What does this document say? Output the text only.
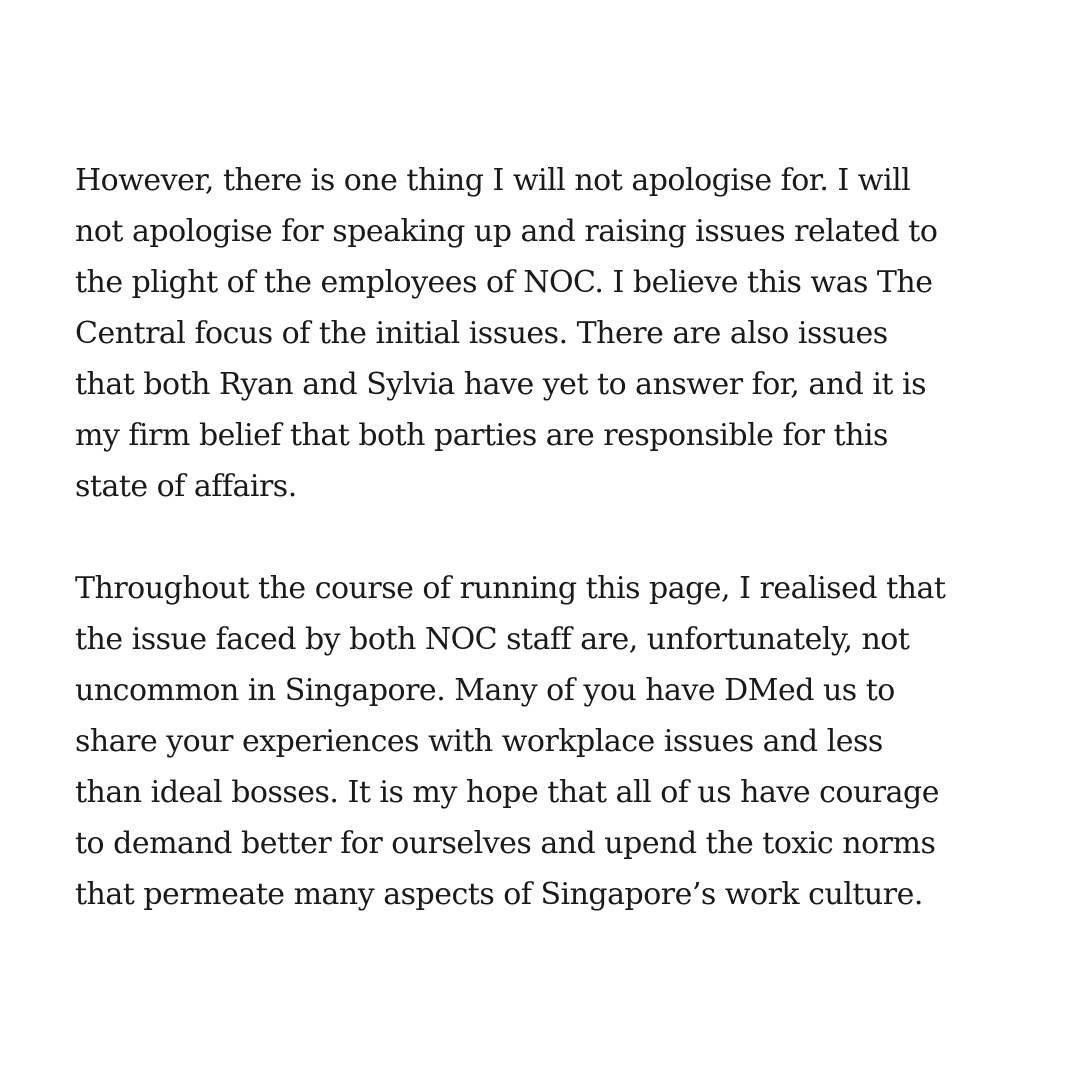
However, there is one thing I will not apologise for. I will
not apologise for speaking up and raising issues related to
the plight of the employees of NOC. I believe this was The
Central focus of the initial issues. There are also issues
that both Ryan and Sylvia have yet to answer for, and it is
my firm belief that both parties are responsible for this
state of affairs.
Throughout the course of running this page, I realised that
the issue faced by both NOC staff are, unfortunately, not
uncommon in Singapore. Many of you have DMed us to
share your experiences with workplace issues and less
than ideal bosses. It is my hope that all of us have courage
to demand better for ourselves and upend the toxic norms
that permeate many aspects of Singapore’s work culture.
